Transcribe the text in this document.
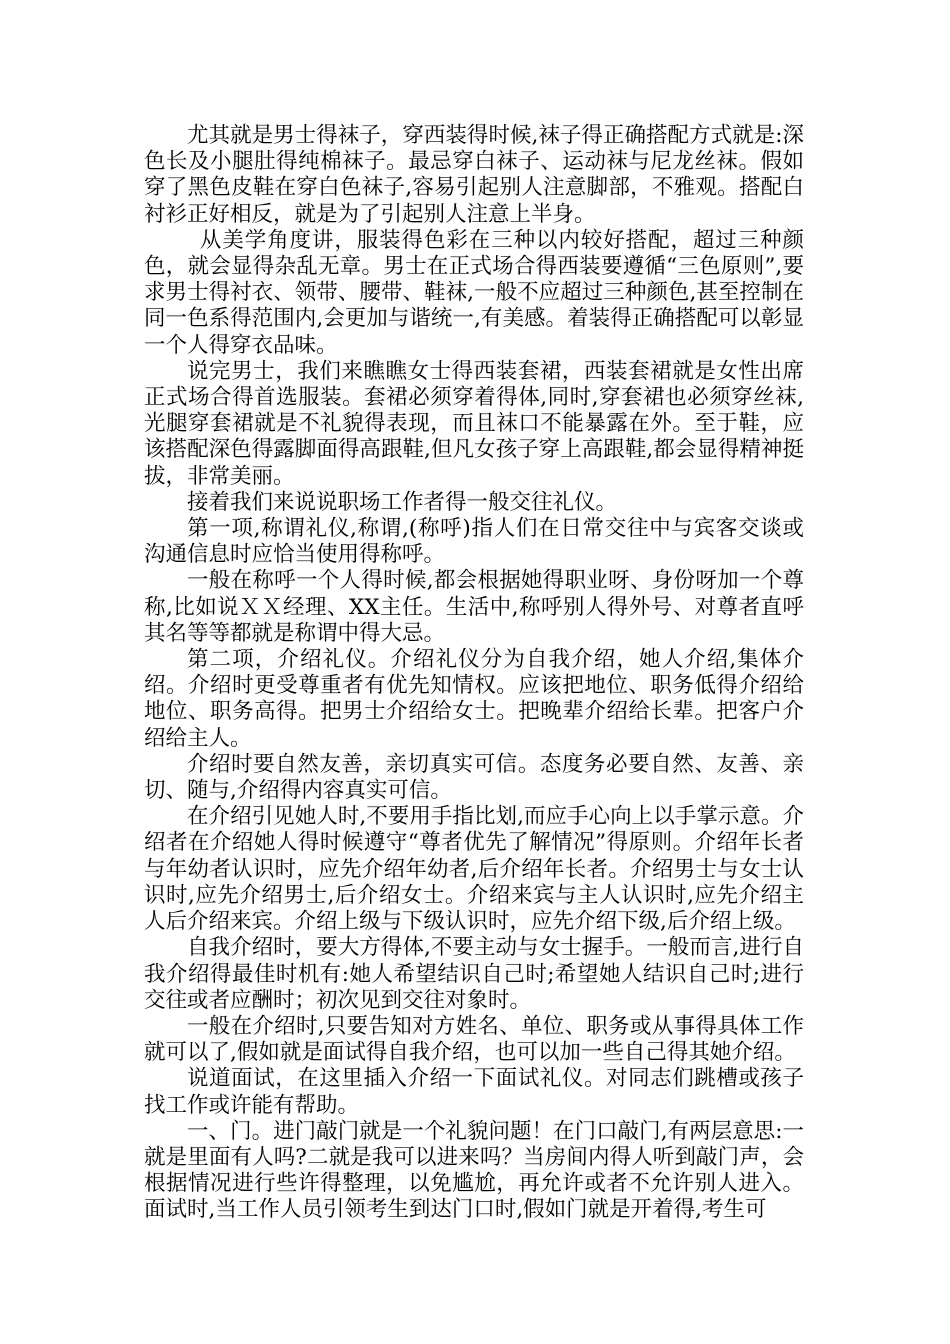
尤其就是男士得袜子，穿西装得时候,袜子得正确搭配方式就是:深色长及小腿肚得纯棉袜子。最忌穿白袜子、运动袜与尼龙丝袜。假如穿了黑色皮鞋在穿白色袜子,容易引起别人注意脚部，不雅观。搭配白衬衫正好相反，就是为了引起别人注意上半身。

从美学角度讲，服装得色彩在三种以内较好搭配，超过三种颜色，就会显得杂乱无章。男士在正式场合得西装要遵循“三色原则”,要求男士得衬衣、领带、腰带、鞋袜,一般不应超过三种颜色,甚至控制在同一色系得范围内,会更加与谐统一,有美感。着装得正确搭配可以彰显一个人得穿衣品味。

说完男士，我们来瞧瞧女士得西装套裙，西装套裙就是女性出席正式场合得首选服装。套裙必须穿着得体,同时,穿套裙也必须穿丝袜,光腿穿套裙就是不礼貌得表现，而且袜口不能暴露在外。至于鞋，应该搭配深色得露脚面得高跟鞋,但凡女孩子穿上高跟鞋,都会显得精神挺拔，非常美丽。

接着我们来说说职场工作者得一般交往礼仪。

第一项,称谓礼仪,称谓,(称呼)指人们在日常交往中与宾客交谈或沟通信息时应恰当使用得称呼。

一般在称呼一个人得时候,都会根据她得职业呀、身份呀加一个尊称,比如说ＸＸ经理、XX主任。生活中,称呼别人得外号、对尊者直呼其名等等都就是称谓中得大忌。

第二项，介绍礼仪。介绍礼仪分为自我介绍，她人介绍,集体介绍。介绍时更受尊重者有优先知情权。应该把地位、职务低得介绍给地位、职务高得。把男士介绍给女士。把晚辈介绍给长辈。把客户介绍给主人。

介绍时要自然友善，亲切真实可信。态度务必要自然、友善、亲切、随与,介绍得内容真实可信。

在介绍引见她人时,不要用手指比划,而应手心向上以手掌示意。介绍者在介绍她人得时候遵守“尊者优先了解情况”得原则。介绍年长者与年幼者认识时，应先介绍年幼者,后介绍年长者。介绍男士与女士认识时,应先介绍男士,后介绍女士。介绍来宾与主人认识时,应先介绍主人后介绍来宾。介绍上级与下级认识时，应先介绍下级,后介绍上级。

自我介绍时，要大方得体,不要主动与女士握手。一般而言,进行自我介绍得最佳时机有:她人希望结识自己时;希望她人结识自己时;进行交往或者应酬时；初次见到交往对象时。

一般在介绍时,只要告知对方姓名、单位、职务或从事得具体工作就可以了,假如就是面试得自我介绍，也可以加一些自己得其她介绍。

说道面试，在这里插入介绍一下面试礼仪。对同志们跳槽或孩子找工作或许能有帮助。

一、门。进门敲门就是一个礼貌问题！在门口敲门,有两层意思:一就是里面有人吗?二就是我可以进来吗？当房间内得人听到敲门声，会根据情况进行些许得整理，以免尴尬，再允许或者不允许别人进入。面试时,当工作人员引领考生到达门口时,假如门就是开着得,考生可
